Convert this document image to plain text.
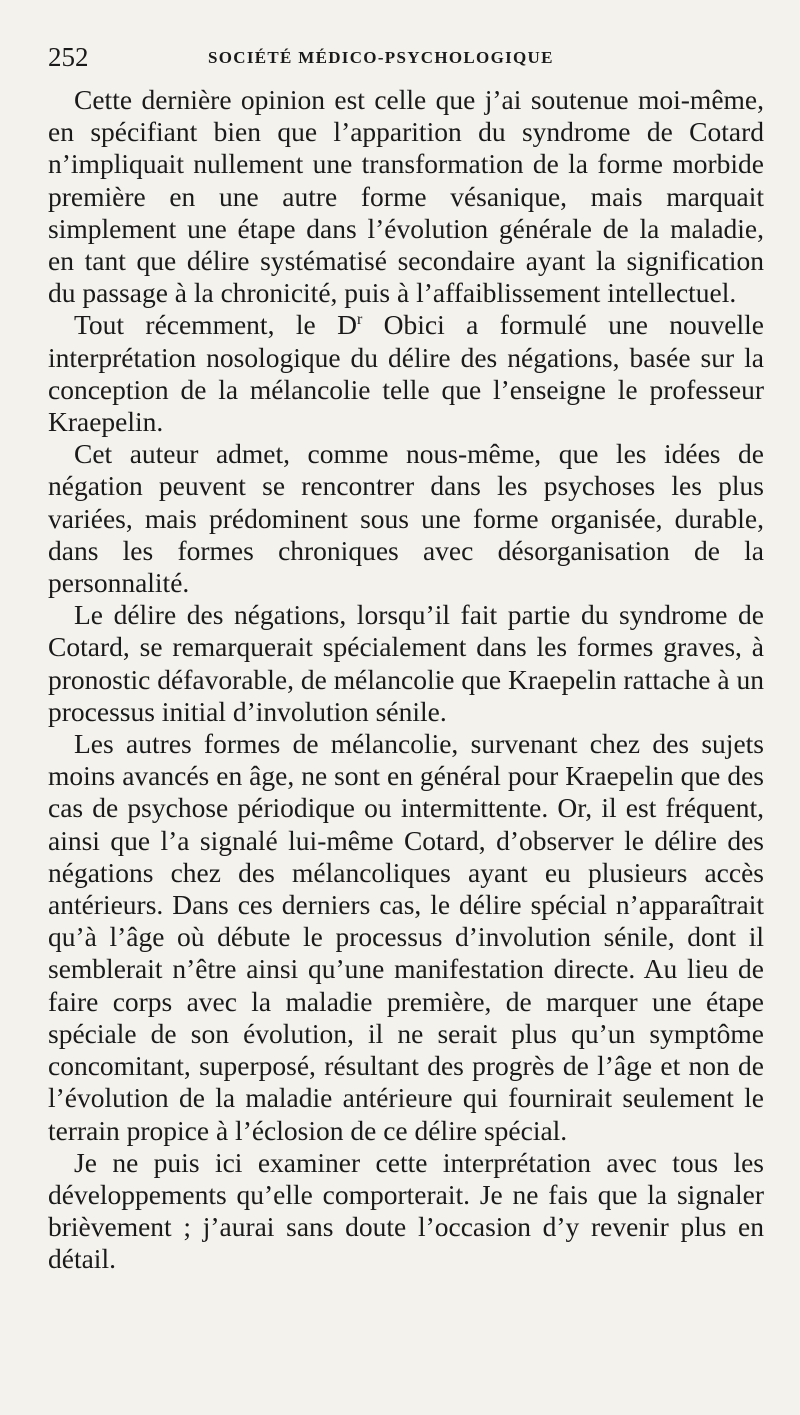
252	SOCIÉTÉ MÉDICO-PSYCHOLOGIQUE

Cette dernière opinion est celle que j’ai soutenue moi-même, en spécifiant bien que l’apparition du syndrome de Cotard n’impliquait nullement une transformation de la forme morbide première en une autre forme vésanique, mais marquait simplement une étape dans l’évolution générale de la maladie, en tant que délire systématisé secondaire ayant la signification du passage à la chronicité, puis à l’affaiblissement intellectuel.

Tout récemment, le $D^r$ Obici a formulé une nouvelle interprétation nosologique du délire des négations, basée sur la conception de la mélancolie telle que l’enseigne le professeur Kraepelin.

Cet auteur admet, comme nous-même, que les idées de négation peuvent se rencontrer dans les psychoses les plus variées, mais prédominent sous une forme organisée, durable, dans les formes chroniques avec désorganisation de la personnalité.

Le délire des négations, lorsqu’il fait partie du syndrome de Cotard, se remarquerait spécialement dans les formes graves, à pronostic défavorable, de mélancolie que Kraepelin rattache à un processus initial d’involution sénile.

Les autres formes de mélancolie, survenant chez des sujets moins avancés en âge, ne sont en général pour Kraepelin que des cas de psychose périodique ou intermittente. Or, il est fréquent, ainsi que l’a signalé lui-même Cotard, d’observer le délire des négations chez des mélancoliques ayant eu plusieurs accès antérieurs. Dans ces derniers cas, le délire spécial n’apparaîtrait qu’à l’âge où débute le processus d’involution sénile, dont il semblerait n’être ainsi qu’une manifestation directe. Au lieu de faire corps avec la maladie première, de marquer une étape spéciale de son évolution, il ne serait plus qu’un symptôme concomitant, superposé, résultant des progrès de l’âge et non de l’évolution de la maladie antérieure qui fournirait seulement le terrain propice à l’éclosion de ce délire spécial.

Je ne puis ici examiner cette interprétation avec tous les développements qu’elle comporterait. Je ne fais que la signaler brièvement ; j’aurai sans doute l’occasion d’y revenir plus en détail.
